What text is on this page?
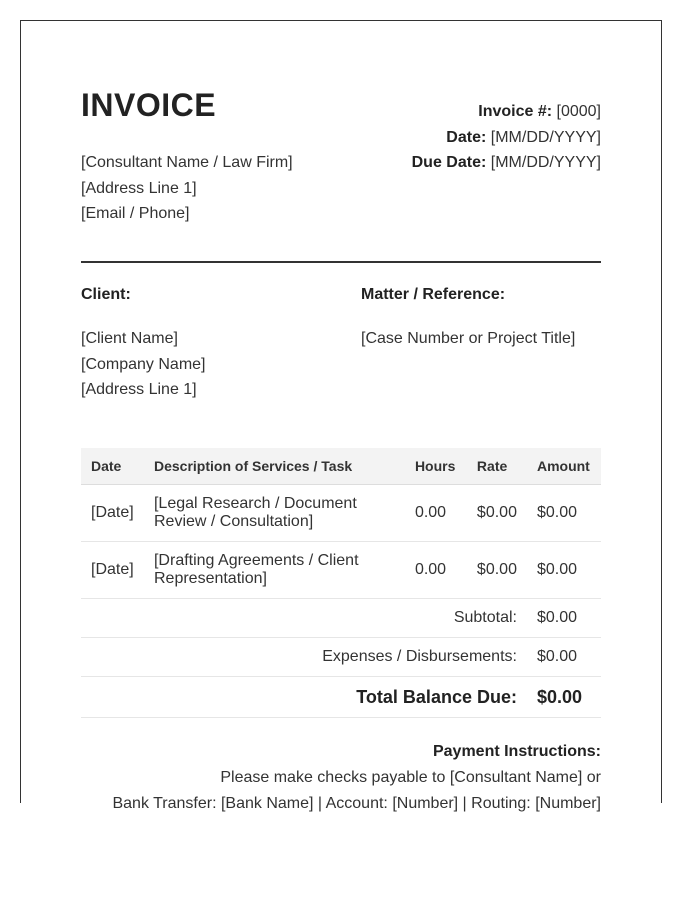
INVOICE
[Consultant Name / Law Firm]
[Address Line 1]
[Email / Phone]
Invoice #: [0000]
Date: [MM/DD/YYYY]
Due Date: [MM/DD/YYYY]
Client:	Matter / Reference:
[Client Name]
[Company Name]
[Address Line 1]
[Case Number or Project Title]
Date	Description of Services / Task	Hours	Rate	Amount
[Date]	[Legal Research / Document Review / Consultation]	0.00	$0.00	$0.00
[Date]	[Drafting Agreements / Client Representation]	0.00	$0.00	$0.00
Subtotal:				$0.00
Expenses / Disbursements:				$0.00
Total Balance Due:				$0.00
Payment Instructions:
Please make checks payable to [Consultant Name] or
Bank Transfer: [Bank Name] | Account: [Number] | Routing: [Number]
